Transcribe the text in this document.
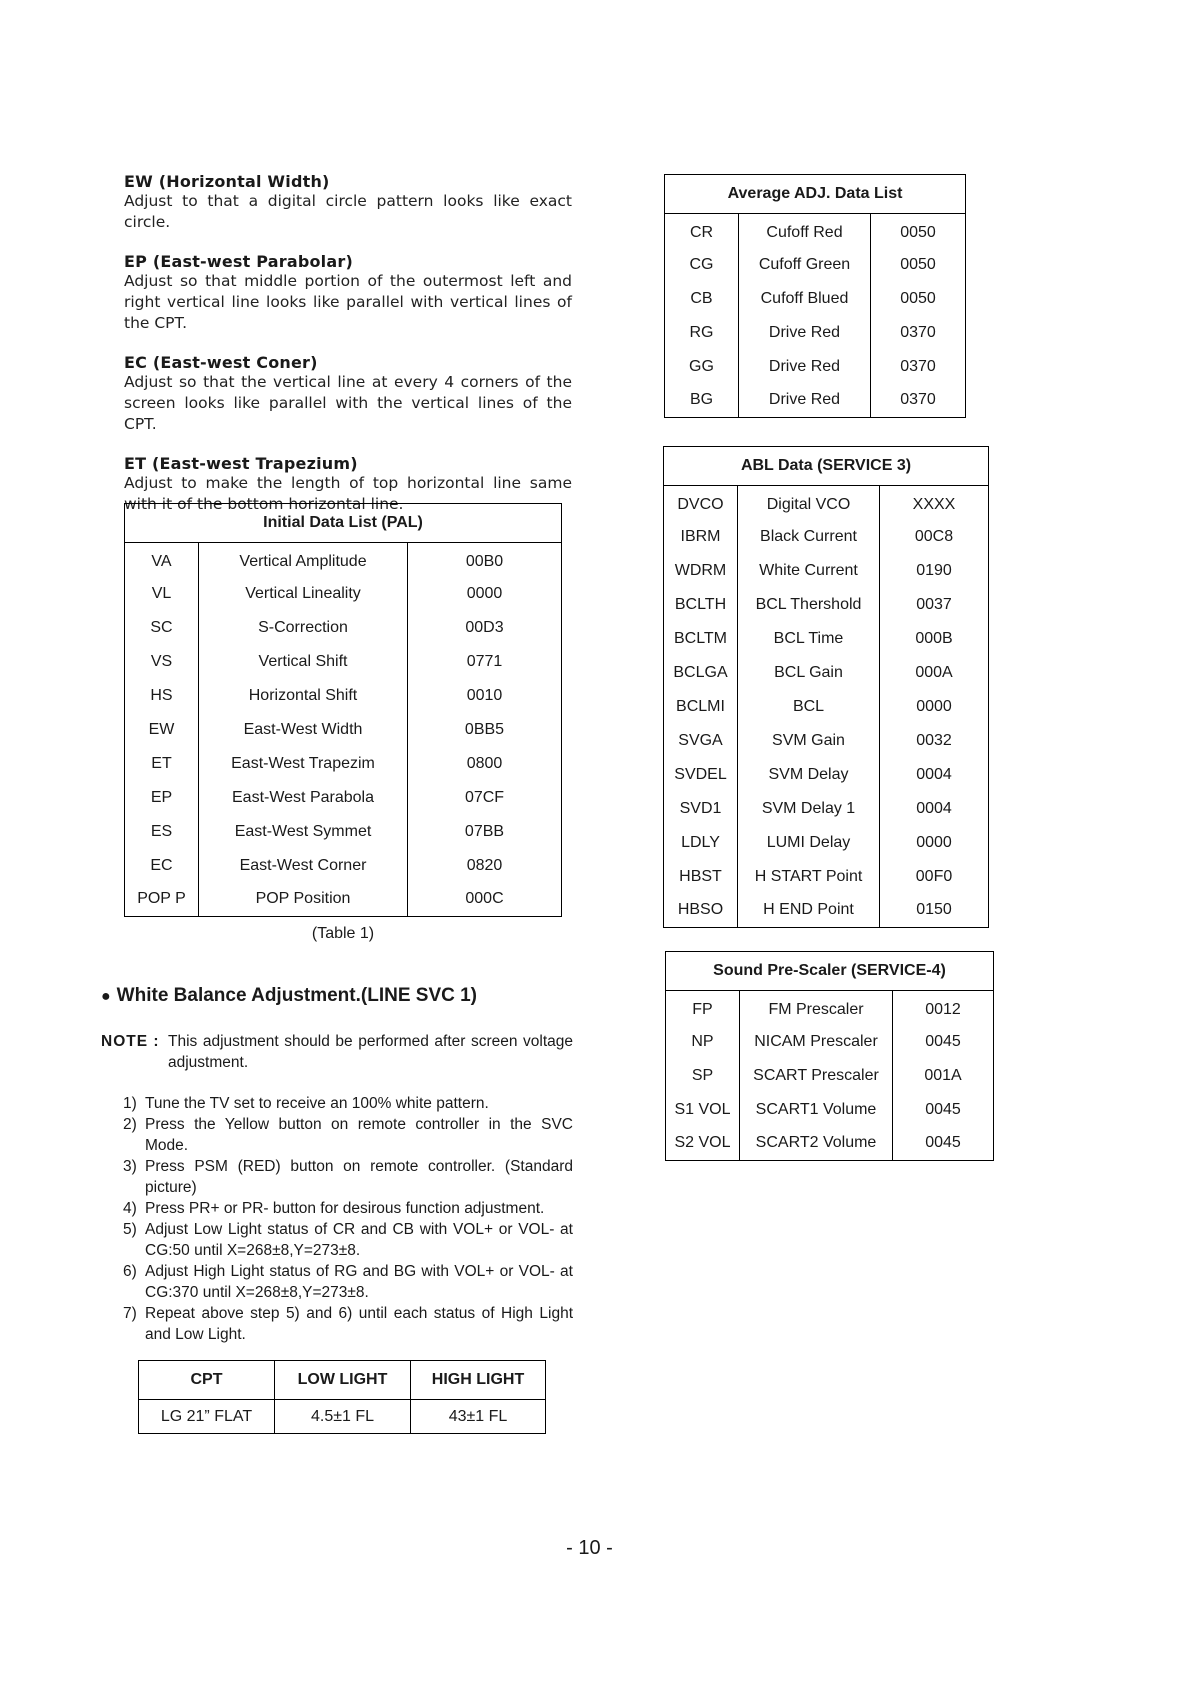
EW (Horizontal Width)
Adjust to that a digital circle pattern looks like exact circle.
EP (East-west Parabolar)
Adjust so that middle portion of the outermost left and right vertical line looks like parallel with vertical lines of the CPT.
EC (East-west Coner)
Adjust so that the vertical line at every 4 corners of the screen looks like parallel with the vertical lines of the CPT.
ET (East-west Trapezium)
Adjust to make the length of top horizontal line same with it of the bottom horizontal line.
Initial Data List (PAL)		
VA	Vertical Amplitude	00B0
VL	Vertical Lineality	0000
SC	S-Correction	00D3
VS	Vertical Shift	0771
HS	Horizontal Shift	0010
EW	East-West Width	0BB5
ET	East-West Trapezim	0800
EP	East-West Parabola	07CF
ES	East-West Symmet	07BB
EC	East-West Corner	0820
POP P	POP Position	000C
(Table 1)
● White Balance Adjustment.(LINE SVC 1)
NOTE : This adjustment should be performed after screen voltage adjustment.
1) Tune the TV set to receive an 100% white pattern.
2) Press the Yellow button on remote controller in the SVC Mode.
3) Press PSM (RED) button on remote controller. (Standard picture)
4) Press PR+ or PR- button for desirous function adjustment.
5) Adjust Low Light status of CR and CB with VOL+ or VOL- at CG:50 until X=268±8,Y=273±8.
6) Adjust High Light status of RG and BG with VOL+ or VOL- at CG:370 until X=268±8,Y=273±8.
7) Repeat above step 5) and 6) until each status of High Light and Low Light.
CPT	LOW LIGHT	HIGH LIGHT
LG 21” FLAT	4.5±1 FL	43±1 FL
Average ADJ. Data List		
CR	Cufoff Red	0050
CG	Cufoff Green	0050
CB	Cufoff Blued	0050
RG	Drive Red	0370
GG	Drive Red	0370
BG	Drive Red	0370
ABL Data (SERVICE 3)		
DVCO	Digital VCO	XXXX
IBRM	Black Current	00C8
WDRM	White Current	0190
BCLTH	BCL Thershold	0037
BCLTM	BCL Time	000B
BCLGA	BCL Gain	000A
BCLMI	BCL	0000
SVGA	SVM Gain	0032
SVDEL	SVM Delay	0004
SVD1	SVM Delay 1	0004
LDLY	LUMI Delay	0000
HBST	H START Point	00F0
HBSO	H END Point	0150
Sound Pre-Scaler (SERVICE-4)		
FP	FM Prescaler	0012
NP	NICAM Prescaler	0045
SP	SCART Prescaler	001A
S1 VOL	SCART1 Volume	0045
S2 VOL	SCART2 Volume	0045
- 10 -
